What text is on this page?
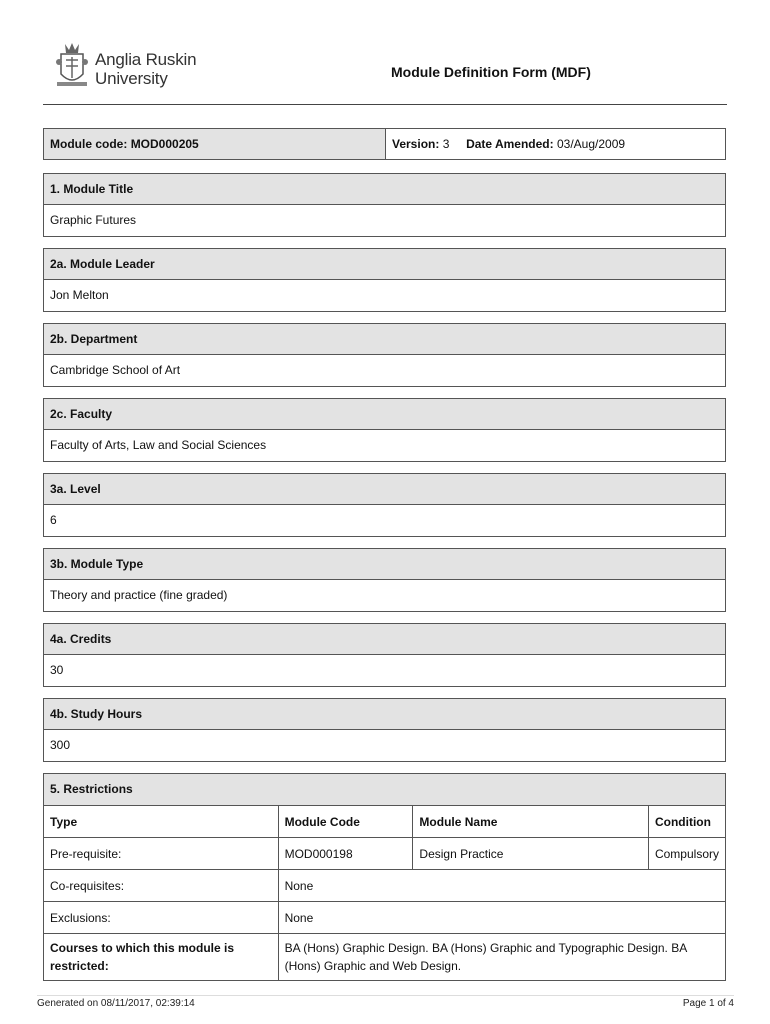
Anglia Ruskin
University	Module Definition Form (MDF)
Module code: MOD000205	Version: 3 Date Amended: 03/Aug/2009
1. Module Title
Graphic Futures
2a. Module Leader
Jon Melton
2b. Department
Cambridge School of Art
2c. Faculty
Faculty of Arts, Law and Social Sciences
3a. Level
6
3b. Module Type
Theory and practice (fine graded)
4a. Credits
30
4b. Study Hours
300
5. Restrictions
Type	Module Code	Module Name	Condition
Pre-requisite:	MOD000198	Design Practice	Compulsory
Co-requisites:	None		
Exclusions:	None		
Courses to which this module is restricted:	BA (Hons) Graphic Design. BA (Hons) Graphic and Typographic Design. BA (Hons) Graphic and Web Design.		
Generated on 08/11/2017, 02:39:14	Page 1 of 4
